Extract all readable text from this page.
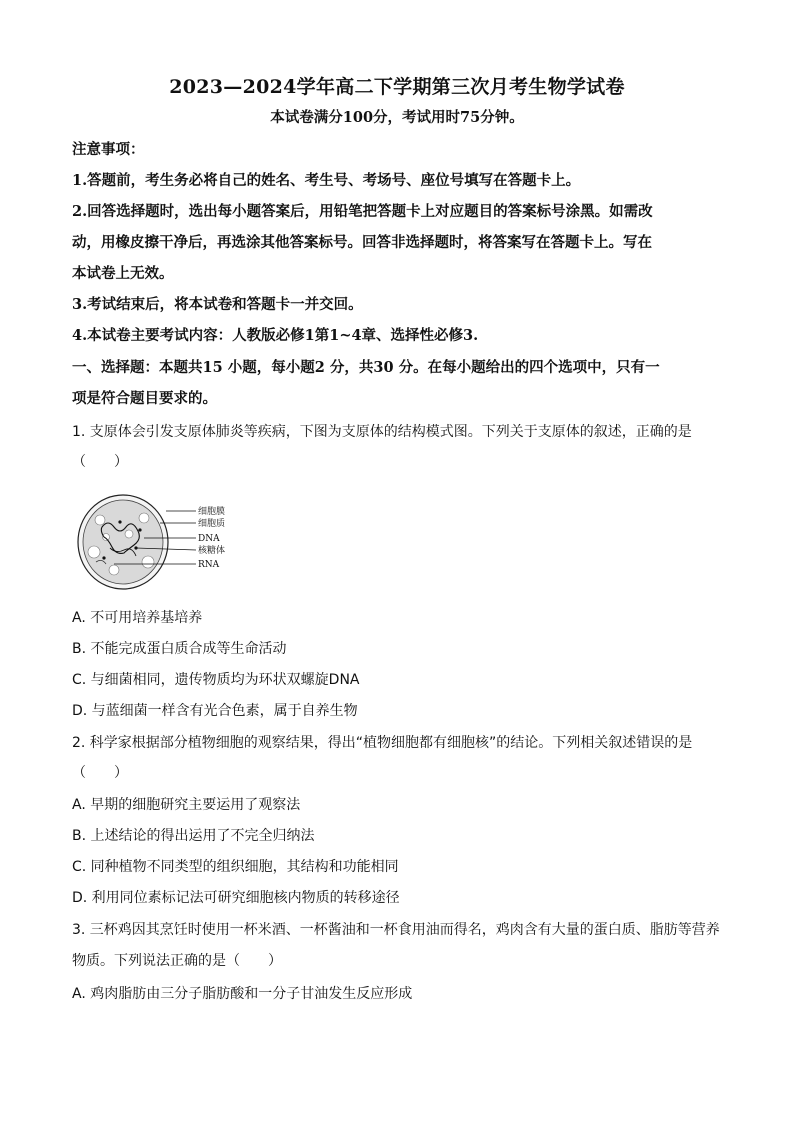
2023—2024学年高二下学期第三次月考生物学试卷
本试卷满分100分，考试用时75分钟。
注意事项：
1.答题前，考生务必将自己的姓名、考生号、考场号、座位号填写在答题卡上。
2.回答选择题时，选出每小题答案后，用铅笔把答题卡上对应题目的答案标号涂黑。如需改
动，用橡皮擦干净后，再选涂其他答案标号。回答非选择题时，将答案写在答题卡上。写在
本试卷上无效。
3.考试结束后，将本试卷和答题卡一并交回。
4.本试卷主要考试内容：人教版必修1第1~4章、选择性必修3.
一、选择题：本题共15 小题，每小题2 分，共30 分。在每小题给出的四个选项中，只有一
项是符合题目要求的。
1. 支原体会引发支原体肺炎等疾病，下图为支原体的结构模式图。下列关于支原体的叙述，正确的是
（　　）
细胞膜
细胞质
DNA
核糖体
RNA
A. 不可用培养基培养
B. 不能完成蛋白质合成等生命活动
C. 与细菌相同，遗传物质均为环状双螺旋DNA
D. 与蓝细菌一样含有光合色素，属于自养生物
2. 科学家根据部分植物细胞的观察结果，得出“植物细胞都有细胞核”的结论。下列相关叙述错误的是
（　　）
A. 早期的细胞研究主要运用了观察法
B. 上述结论的得出运用了不完全归纳法
C. 同种植物不同类型的组织细胞，其结构和功能相同
D. 利用同位素标记法可研究细胞核内物质的转移途径
3. 三杯鸡因其烹饪时使用一杯米酒、一杯酱油和一杯食用油而得名，鸡肉含有大量的蛋白质、脂肪等营养
物质。下列说法正确的是（　　）
A. 鸡肉脂肪由三分子脂肪酸和一分子甘油发生反应形成
